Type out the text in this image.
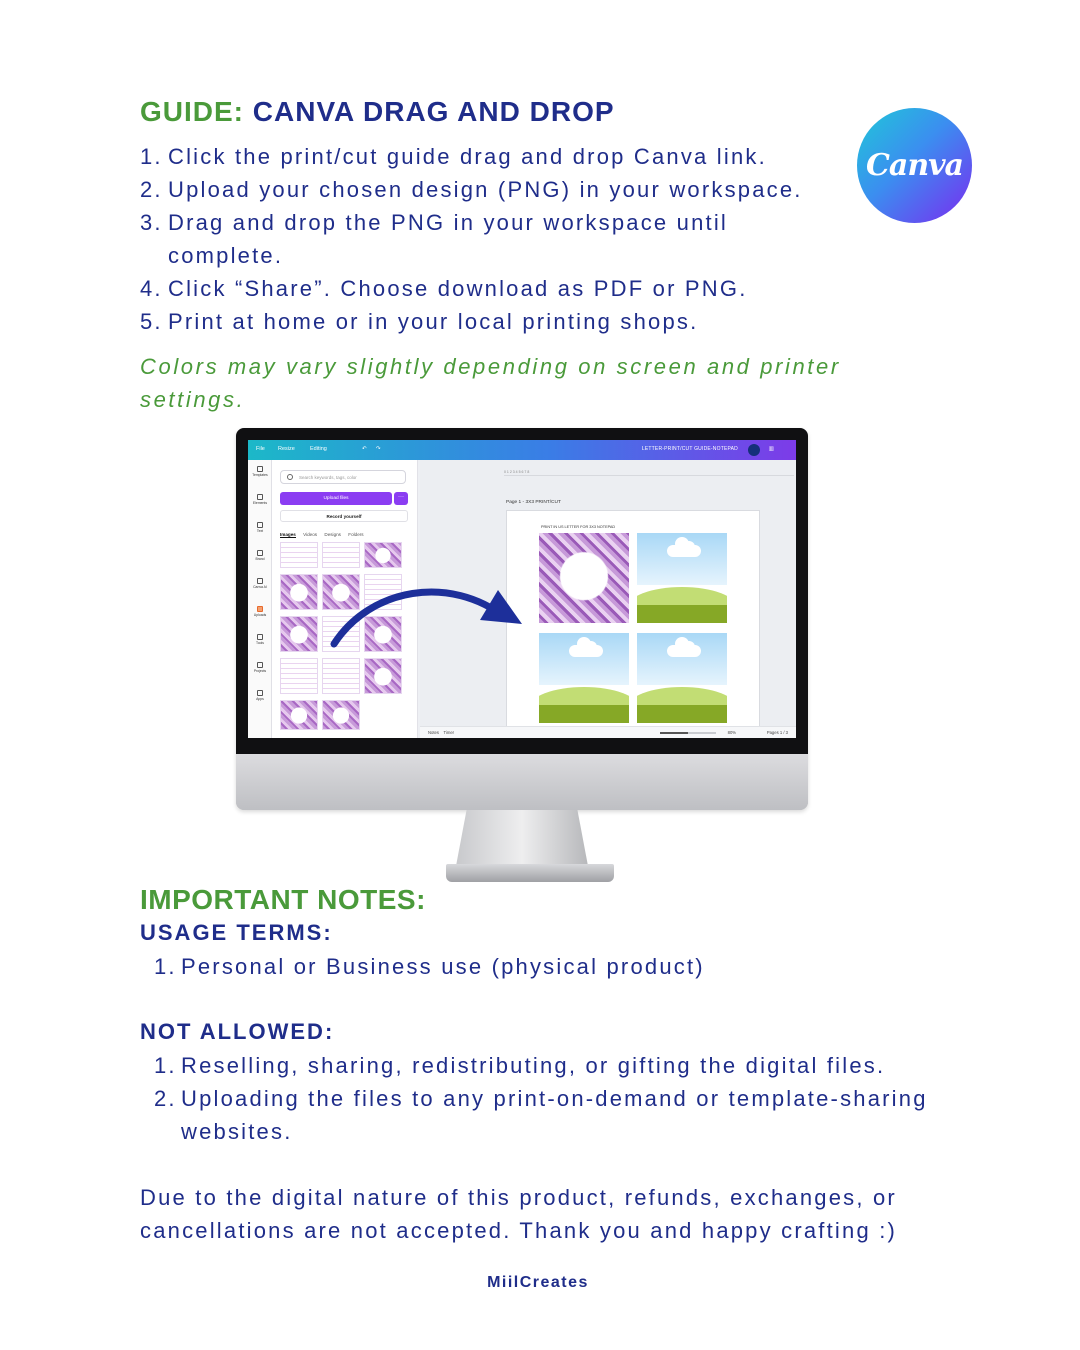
GUIDE: CANVA DRAG AND DROP
1. Click the print/cut guide drag and drop Canva link.
2. Upload your chosen design (PNG) in your workspace.
3. Drag and drop the PNG in your workspace until complete.
4. Click “Share”. Choose download as PDF or PNG.
5. Print at home or in your local printing shops.
Colors may vary slightly depending on screen and printer settings.
Canva
File Resize	Editing	↶ ↷	LETTER-PRINT/CUT GUIDE-NOTEPAD	▥
Templates
Elements
Text
Brand
Canva AI
Uploads
Tools
Projects
Apps
Search keywords, tags, color
Upload files	···
Record yourself
Images Videos Designs Folders
0 1 2 3 4 5 6 7 8
Page 1 - 3X3 PRINT/CUT
PRINT IN US LETTER FOR 3X3 NOTEPAD
Notes Timer	80%	Pages 1 / 3
IMPORTANT NOTES:
USAGE TERMS:
1. Personal or Business use (physical product)
NOT ALLOWED:
1. Reselling, sharing, redistributing, or gifting the digital files.
2. Uploading the files to any print-on-demand or template-sharing websites.
Due to the digital nature of this product, refunds, exchanges, or cancellations are not accepted. Thank you and happy crafting :)
MiilCreates
